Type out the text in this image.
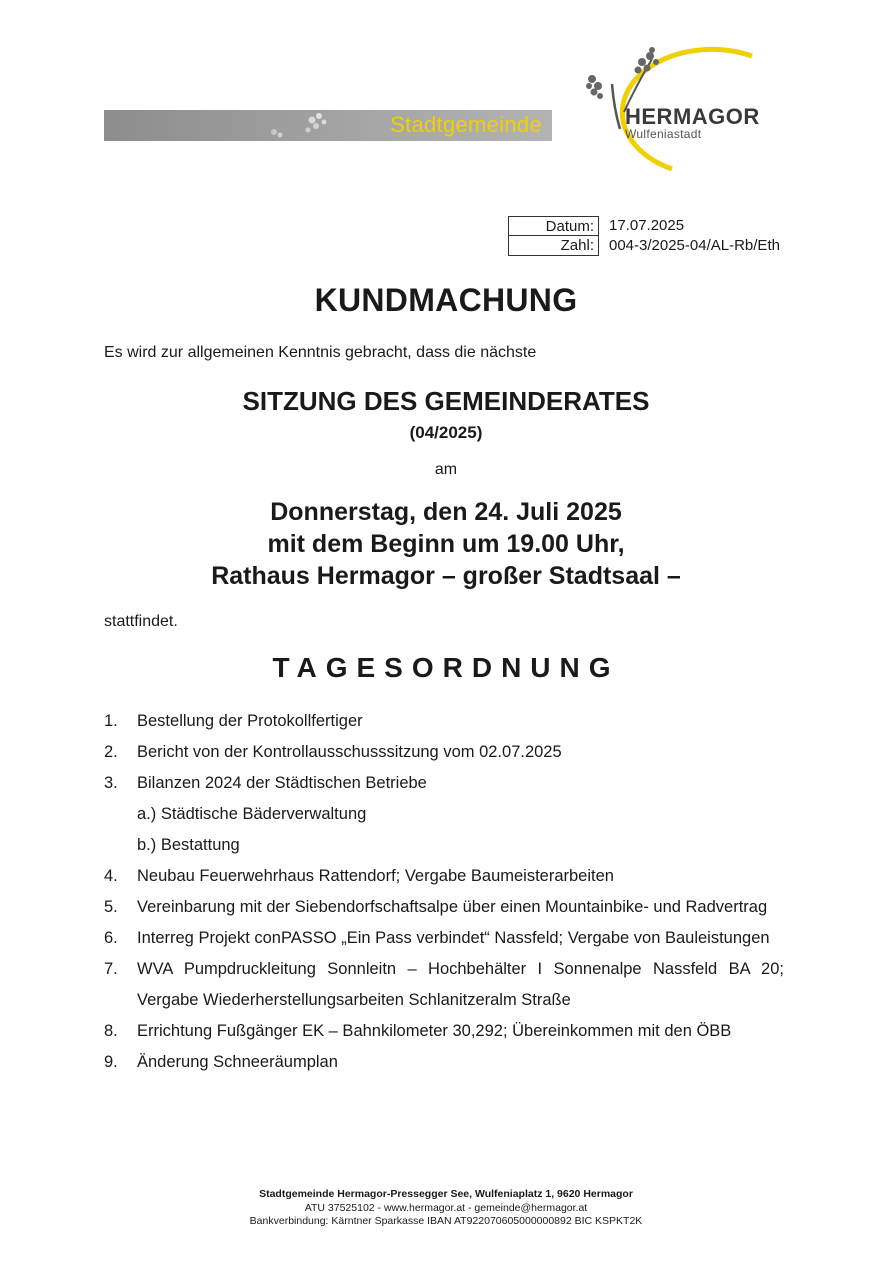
Stadtgemeinde	HERMAGOR
Wulfeniastadt
Datum:	17.07.2025
Zahl:	004-3/2025-04/AL-Rb/Eth
KUNDMACHUNG
Es wird zur allgemeinen Kenntnis gebracht, dass die nächste
SITZUNG DES GEMEINDERATES
(04/2025)
am
Donnerstag, den 24. Juli 2025
mit dem Beginn um 19.00 Uhr,
Rathaus Hermagor – großer Stadtsaal –
stattfindet.
TAGESORDNUNG
1.	Bestellung der Protokollfertiger
2.	Bericht von der Kontrollausschusssitzung vom 02.07.2025
3.	Bilanzen 2024 der Städtischen Betriebe
a.) Städtische Bäderverwaltung
b.) Bestattung
4.	Neubau Feuerwehrhaus Rattendorf; Vergabe Baumeisterarbeiten
5.	Vereinbarung mit der Siebendorfschaftsalpe über einen Mountainbike- und Radvertrag
6.	Interreg Projekt conPASSO „Ein Pass verbindet“ Nassfeld; Vergabe von Bauleistungen
7.	WVA Pumpdruckleitung Sonnleitn – Hochbehälter I Sonnenalpe Nassfeld BA 20; Vergabe Wiederherstellungsarbeiten Schlanitzeralm Straße
8.	Errichtung Fußgänger EK – Bahnkilometer 30,292; Übereinkommen mit den ÖBB
9.	Änderung Schneeräumplan
Stadtgemeinde Hermagor-Pressegger See, Wulfeniaplatz 1, 9620 Hermagor
ATU 37525102 - www.hermagor.at - gemeinde@hermagor.at
Bankverbindung: Kärntner Sparkasse IBAN AT922070605000000892 BIC KSPKT2K
